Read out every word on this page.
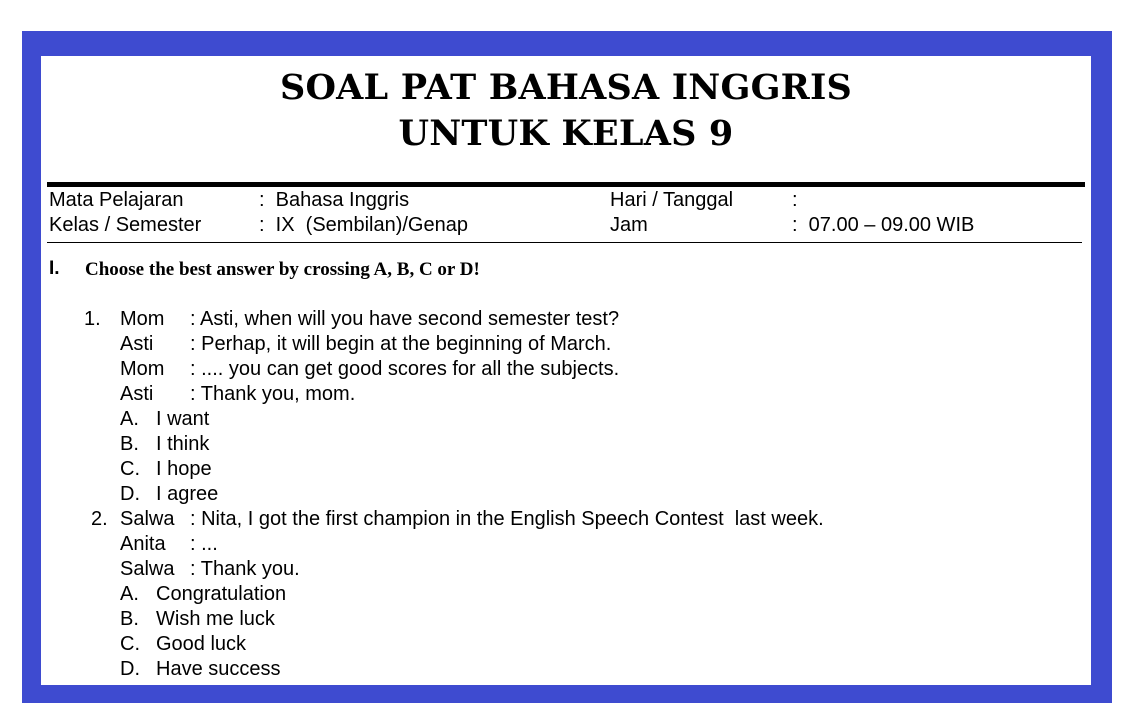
SOAL PAT BAHASA INGGRIS
UNTUK KELAS 9
Mata Pelajaran	:  Bahasa Inggris	Hari / Tanggal	:
Kelas / Semester	:  IX  (Sembilan)/Genap	Jam	:  07.00 – 09.00 WIB
I. Choose the best answer by crossing A, B, C or D!
1. Mom : Asti, when will you have second semester test?
Asti : Perhap, it will begin at the beginning of March.
Mom : .... you can get good scores for all the subjects.
Asti : Thank you, mom.
A. I want
B. I think
C. I hope
D. I agree
2. Salwa : Nita, I got the first champion in the English Speech Contest  last week.
Anita : ...
Salwa : Thank you.
A. Congratulation
B. Wish me luck
C. Good luck
D. Have success
